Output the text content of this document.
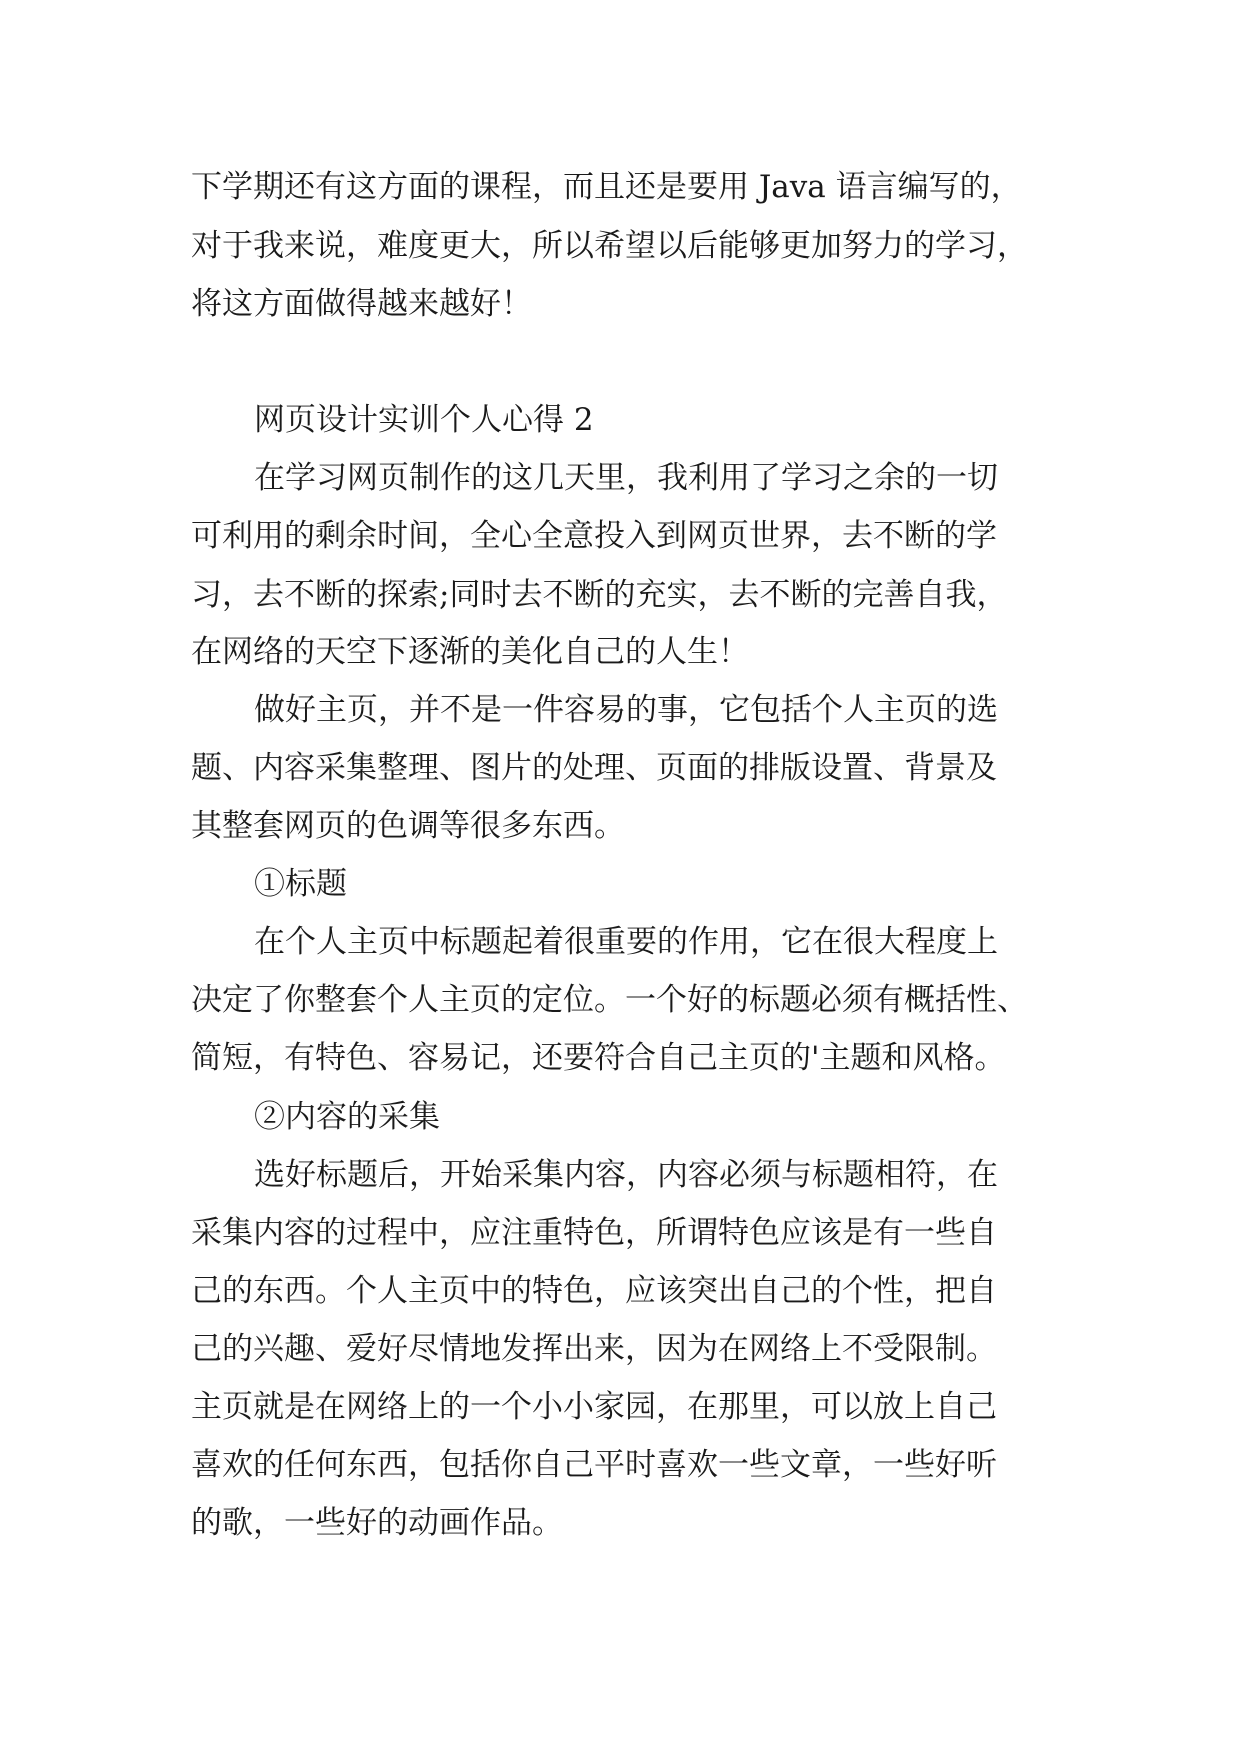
下学期还有这方面的课程，而且还是要用 Java 语言编写的，
对于我来说，难度更大，所以希望以后能够更加努力的学习，
将这方面做得越来越好！
网页设计实训个人心得 2
在学习网页制作的这几天里，我利用了学习之余的一切
可利用的剩余时间，全心全意投入到网页世界，去不断的学
习，去不断的探索;同时去不断的充实，去不断的完善自我，
在网络的天空下逐渐的美化自己的人生！
做好主页，并不是一件容易的事，它包括个人主页的选
题、内容采集整理、图片的处理、页面的排版设置、背景及
其整套网页的色调等很多东西。
①标题
在个人主页中标题起着很重要的作用，它在很大程度上
决定了你整套个人主页的定位。一个好的标题必须有概括性、
简短，有特色、容易记，还要符合自己主页的'主题和风格。
②内容的采集
选好标题后，开始采集内容，内容必须与标题相符，在
采集内容的过程中，应注重特色，所谓特色应该是有一些自
己的东西。个人主页中的特色，应该突出自己的个性，把自
己的兴趣、爱好尽情地发挥出来，因为在网络上不受限制。
主页就是在网络上的一个小小家园，在那里，可以放上自己
喜欢的任何东西，包括你自己平时喜欢一些文章，一些好听
的歌，一些好的动画作品。
